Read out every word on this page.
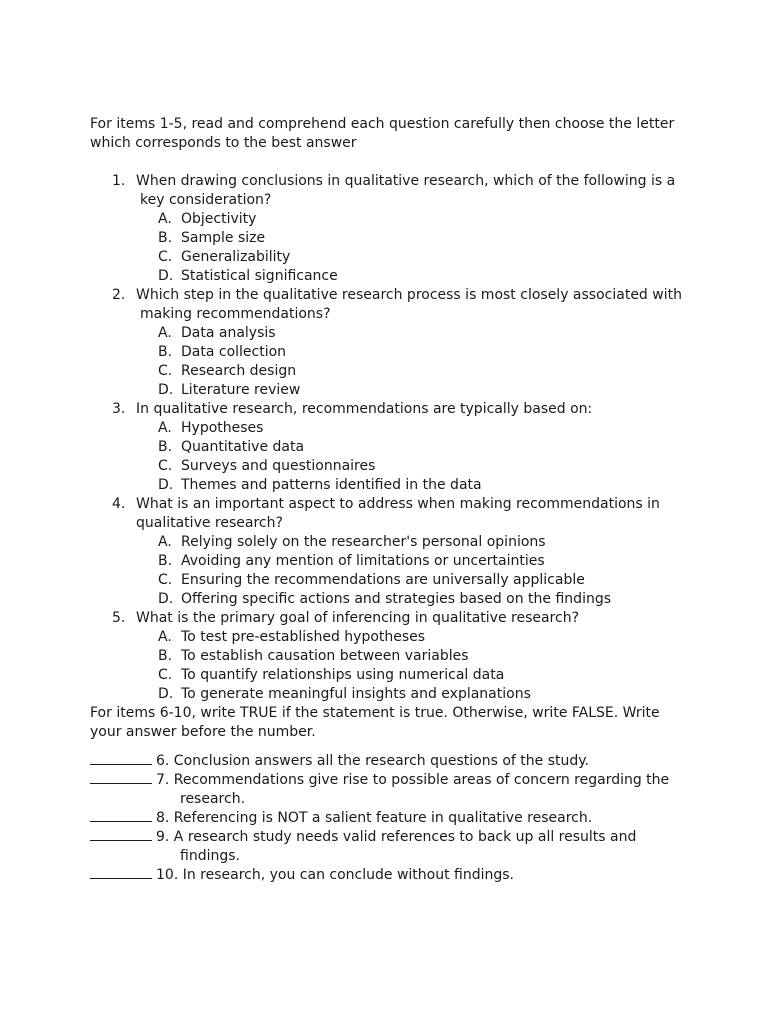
For items 1-5, read and comprehend each question carefully then choose the letter which corresponds to the best answer

1. When drawing conclusions in qualitative research, which of the following is a key consideration?
A. Objectivity
B. Sample size
C. Generalizability
D. Statistical significance
2. Which step in the qualitative research process is most closely associated with making recommendations?
A. Data analysis
B. Data collection
C. Research design
D. Literature review
3. In qualitative research, recommendations are typically based on:
A. Hypotheses
B. Quantitative data
C. Surveys and questionnaires
D. Themes and patterns identified in the data
4. What is an important aspect to address when making recommendations in qualitative research?
A. Relying solely on the researcher's personal opinions
B. Avoiding any mention of limitations or uncertainties
C. Ensuring the recommendations are universally applicable
D. Offering specific actions and strategies based on the findings
5. What is the primary goal of inferencing in qualitative research?
A. To test pre-established hypotheses
B. To establish causation between variables
C. To quantify relationships using numerical data
D. To generate meaningful insights and explanations

For items 6-10, write TRUE if the statement is true. Otherwise, write FALSE. Write your answer before the number.

6. Conclusion answers all the research questions of the study.
7. Recommendations give rise to possible areas of concern regarding the
research.
8. Referencing is NOT a salient feature in qualitative research.
9. A research study needs valid references to back up all results and
findings.
10. In research, you can conclude without findings.
